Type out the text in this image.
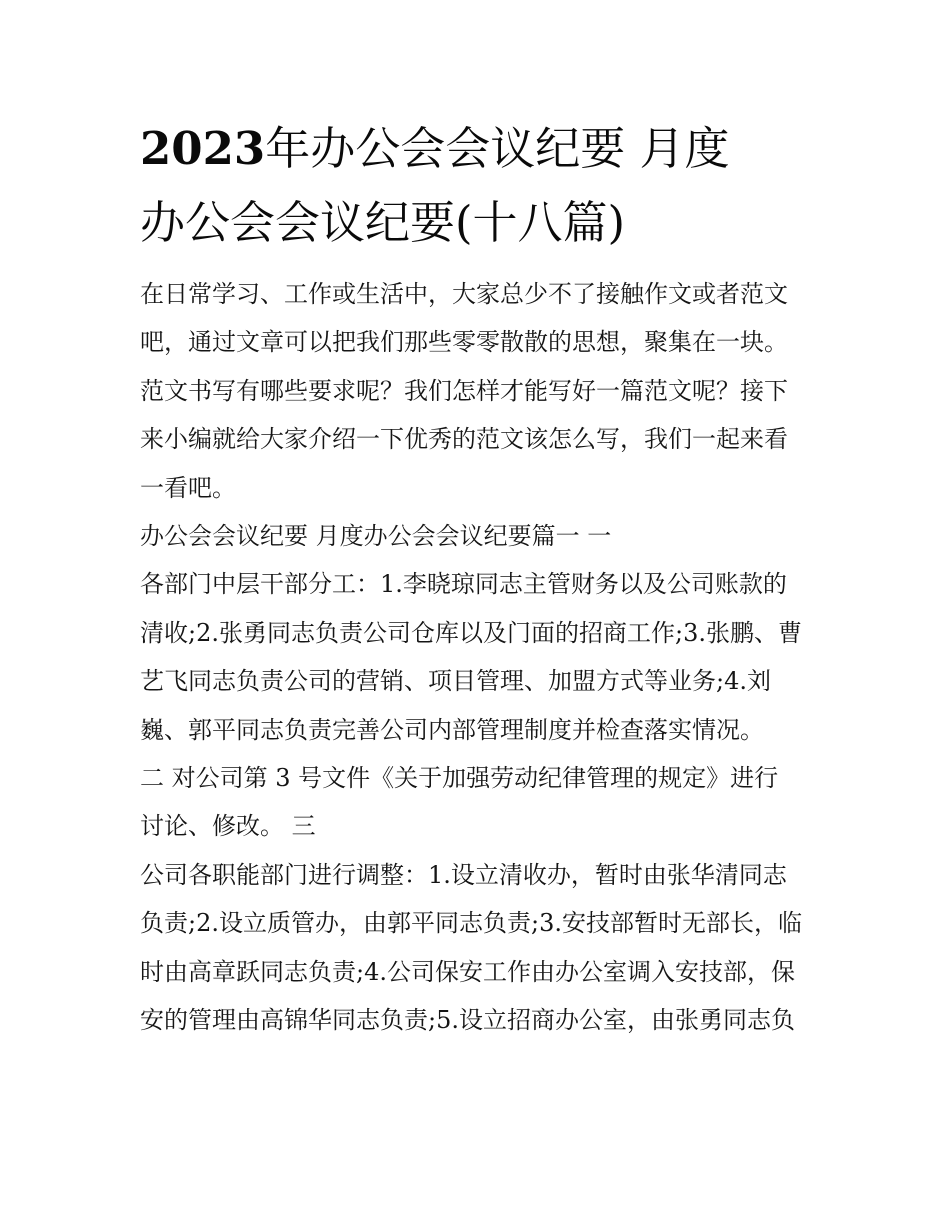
2023年办公会会议纪要 月度
办公会会议纪要(十八篇)
在日常学习、工作或生活中，大家总少不了接触作文或者范文
吧，通过文章可以把我们那些零零散散的思想，聚集在一块。
范文书写有哪些要求呢？我们怎样才能写好一篇范文呢？接下
来小编就给大家介绍一下优秀的范文该怎么写，我们一起来看
一看吧。
办公会会议纪要 月度办公会会议纪要篇一 一
各部门中层干部分工：1.李晓琼同志主管财务以及公司账款的
清收;2.张勇同志负责公司仓库以及门面的招商工作;3.张鹏、曹
艺飞同志负责公司的营销、项目管理、加盟方式等业务;4.刘
巍、郭平同志负责完善公司内部管理制度并检查落实情况。
二 对公司第 3 号文件《关于加强劳动纪律管理的规定》进行
讨论、修改。 三
公司各职能部门进行调整：1.设立清收办，暂时由张华清同志
负责;2.设立质管办，由郭平同志负责;3.安技部暂时无部长，临
时由高章跃同志负责;4.公司保安工作由办公室调入安技部，保
安的管理由高锦华同志负责;5.设立招商办公室，由张勇同志负
